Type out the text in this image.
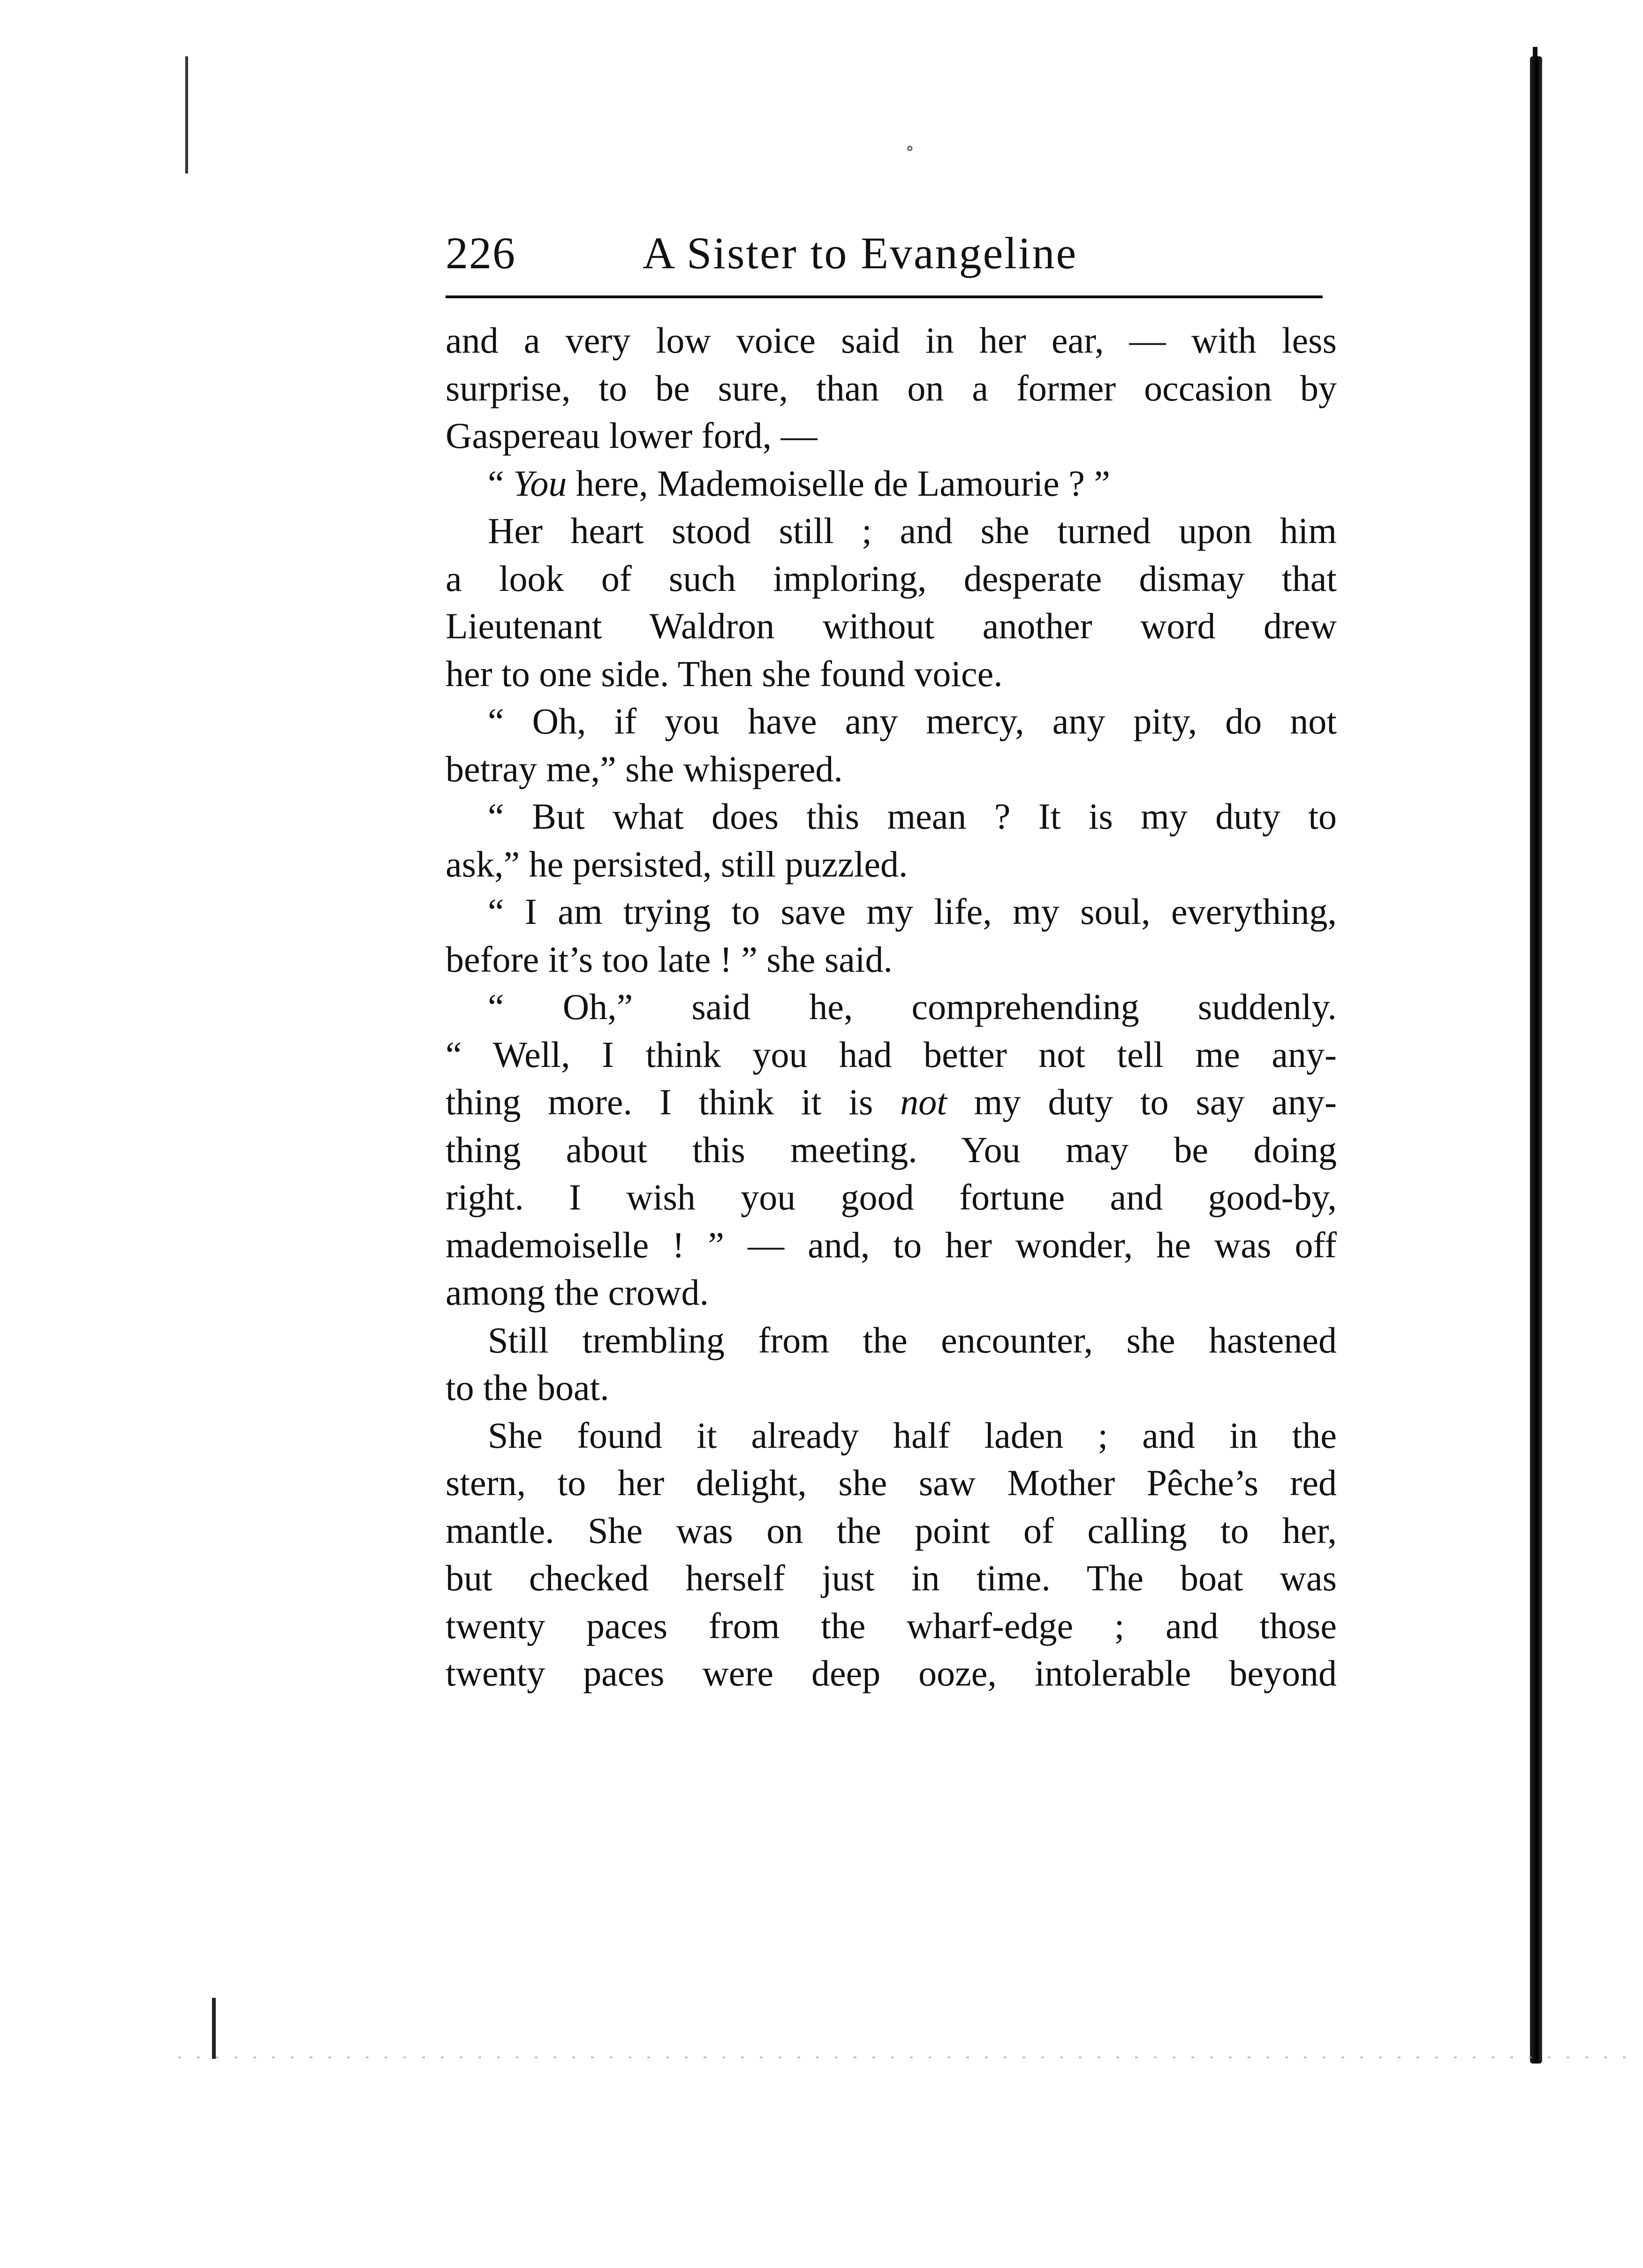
∘
226	A Sister to Evangeline
and a very low voice said in her ear, — with less
surprise, to be sure, than on a former occasion by
Gaspereau lower ford, —
“ You here, Mademoiselle de Lamourie ? ”
Her heart stood still ; and she turned upon him
a look of such imploring, desperate dismay that
Lieutenant Waldron without another word drew
her to one side. Then she found voice.
“ Oh, if you have any mercy, any pity, do not
betray me,” she whispered.
“ But what does this mean ? It is my duty to
ask,” he persisted, still puzzled.
“ I am trying to save my life, my soul, everything,
before it’s too late ! ” she said.
“ Oh,” said he, comprehending suddenly.
“ Well, I think you had better not tell me any-
thing more. I think it is not my duty to say any-
thing about this meeting. You may be doing
right. I wish you good fortune and good-by,
mademoiselle ! ” — and, to her wonder, he was off
among the crowd.
Still trembling from the encounter, she hastened
to the boat.
She found it already half laden ; and in the
stern, to her delight, she saw Mother Pêche’s red
mantle. She was on the point of calling to her,
but checked herself just in time. The boat was
twenty paces from the wharf-edge ; and those
twenty paces were deep ooze, intolerable beyond
